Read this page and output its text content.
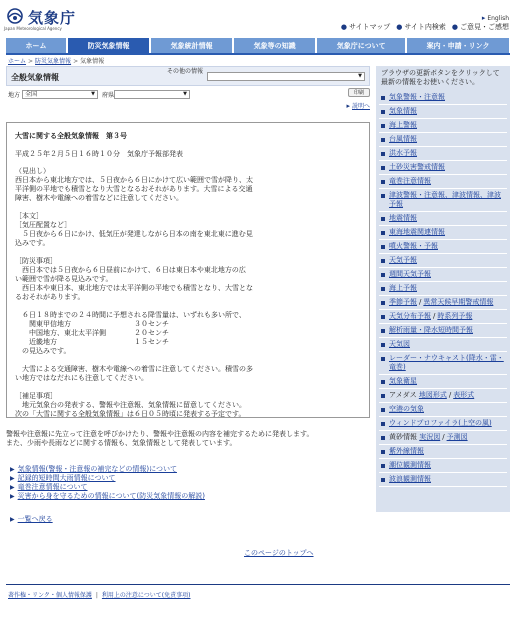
気象庁
Japan Meteorological Agency
▸ English
● サイトマップ ● サイト内検索 ● ご意見・ご感想
ホーム	防災気象情報	気象統計情報	気象等の知識	気象庁について	案内・申請・リンク
ホーム > 防災気象情報 > 気象情報
全般気象情報
その他の情報
▼
地方 全国	▼ 府県	▼	印刷
▸ 説明へ
大雪に関する全般気象情報　第３号
平成２５年２月５日１６時１０分　気象庁予報部発表
（見出し）
西日本から東北地方では、５日夜から６日にかけて広い範囲で雪が降り、太
平洋側の平地でも積雪となり大雪となるおそれがあります。大雪による交通
障害、樹木や電線への着雪などに注意してください。

［本文］
［気圧配置など］
　５日夜から６日にかけ、低気圧が発達しながら日本の南を東北東に進む見
込みです。

［防災事項］
　西日本では５日夜から６日昼前にかけて、６日は東日本や東北地方の広
い範囲で雪が降る見込みです。
　西日本や東日本、東北地方では太平洋側の平地でも積雪となり、大雪とな
るおそれがあります。

　６日１８時までの２４時間に予想される降雪量は、いずれも多い所で、
　　関東甲信地方　　　　　　　　　３０センチ
　　中国地方、東北太平洋側　　　　２０センチ
　　近畿地方　　　　　　　　　　　１５センチ
　の見込みです。

　大雪による交通障害、樹木や電線への着雪に注意してください。積雪の多
い地方ではなだれにも注意してください。

［補足事項］
　地元気象台の発表する、警報や注意報、気象情報に留意してください。
次の「大雪に関する全般気象情報」は６日０５時頃に発表する予定です。
警報や注意報に先立って注意を呼びかけたり、警報や注意報の内容を補完するために発表します。
また、少雨や長雨などに関する情報も、気象情報として発表しています。
▶ 気象情報(警報・注意報の補完などの情報)について
▶ 記録的短時間大雨情報について
▶ 竜巻注意情報について
▶ 災害から身を守るための情報について(防災気象情報の解説)
▶ 一覧へ戻る
ブラウザの更新ボタンをクリックして最新の情報をお使いください。
気象警報・注意報
気象情報
海上警報
台風情報
洪水予報
土砂災害警戒情報
竜巻注意情報
津波警報・注意報、津波情報、津波予報
地震情報
東海地震関連情報
噴火警報・予報
天気予報
週間天気予報
海上予報
季節予報 / 異常天候早期警戒情報
天気分布予報 / 時系列予報
解析雨量・降水短時間予報
天気図
レーダー・ナウキャスト(降水・雷・竜巻)
気象衛星
アメダス 地図形式 / 表形式
空港の気象
ウィンドプロファイラ(上空の風)
黄砂情報 実況図 / 予測図
紫外線情報
潮位観測情報
波浪観測情報
このページのトップへ
著作権・リンク・個人情報保護 | 利用上の注意について(免責事項)
